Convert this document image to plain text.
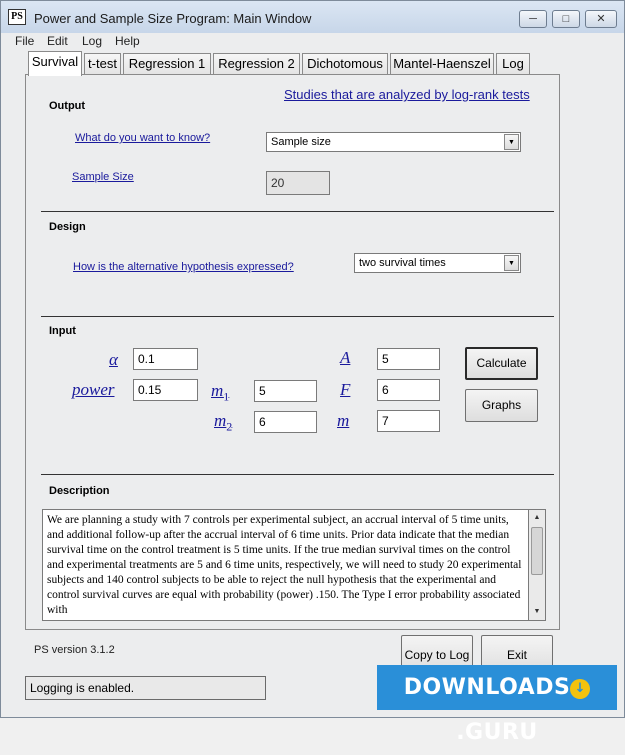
PS Power and Sample Size Program: Main Window	─	□	✕
File Edit Log Help
Survival t-test Regression 1 Regression 2 Dichotomous Mantel-Haenszel Log
Output
Studies that are analyzed by log-rank tests
What do you want to know?	Sample size	▼
Sample Size	20
Design
How is the alternative hypothesis expressed?	two survival times	▼
Input
α	0.1
power	0.15	$m_1$	5
$m_2$	6
A	5
F	6
m	7
Calculate
Graphs
Description
We are planning a study with 7 controls per experimental subject, an accrual interval of 5 time units, and additional follow-up after the accrual interval of 6 time units. Prior data indicate that the median survival time on the control treatment is 5 time units. If the true median survival times on the control and experimental treatments are 5 and 6 time units, respectively, we will need to study 20 experimental subjects and 140 control subjects to be able to reject the null hypothesis that the experimental and control survival curves are equal with probability (power) .150. The Type I error probability associated with
▲
▼
PS version 3.1.2	Copy to Log	Exit
Logging is enabled.	DOWNLOADS ↓.GURU
